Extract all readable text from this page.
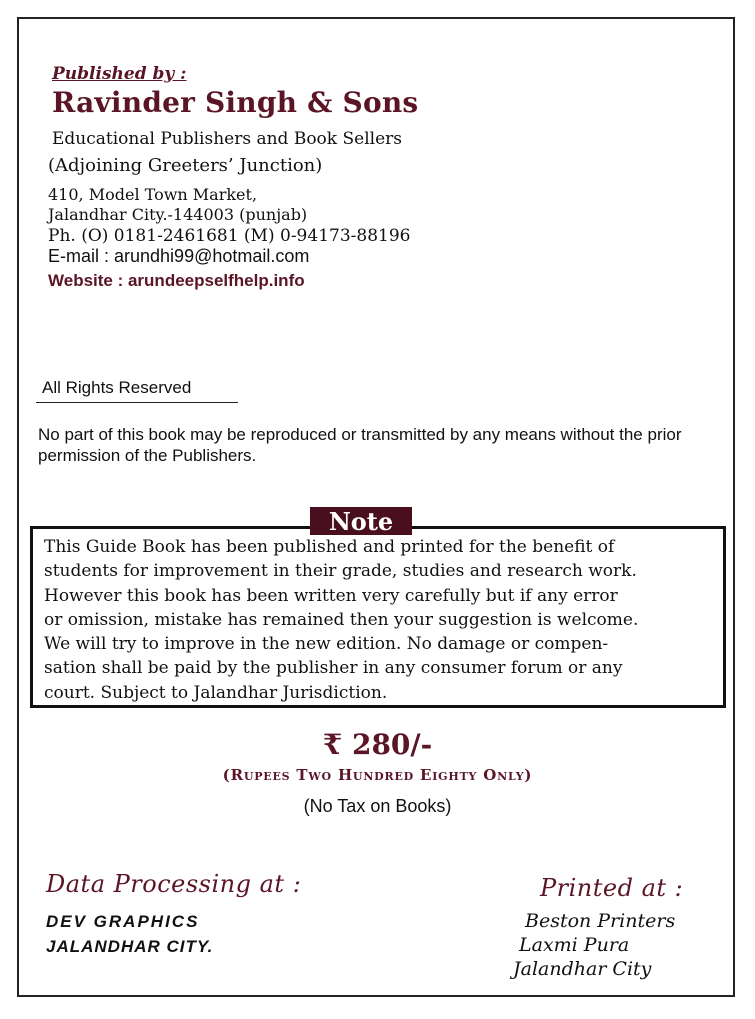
Published by :
Ravinder Singh & Sons
Educational Publishers and Book Sellers
(Adjoining Greeters’ Junction)
410, Model Town Market,
Jalandhar City.-144003 (punjab)
Ph. (O) 0181-2461681 (M) 0-94173-88196
E-mail : arundhi99@hotmail.com
Website : arundeepselfhelp.info
All Rights Reserved
No part of this book may be reproduced or transmitted by any means without the prior permission of the Publishers.
Note
This Guide Book has been published and printed for the benefit of
students for improvement in their grade, studies and research work.
However this book has been written very carefully but if any error
or omission, mistake has remained then your suggestion is welcome.
We will try to improve in the new edition. No damage or compen-
sation shall be paid by the publisher in any consumer forum or any
court. Subject to Jalandhar Jurisdiction.
₹ 280/-
(Rupees Two Hundred Eighty Only)
(No Tax on Books)
Data Processing at :
DEV GRAPHICS
JALANDHAR CITY.
Printed at :
Beston Printers
Laxmi Pura
Jalandhar City
